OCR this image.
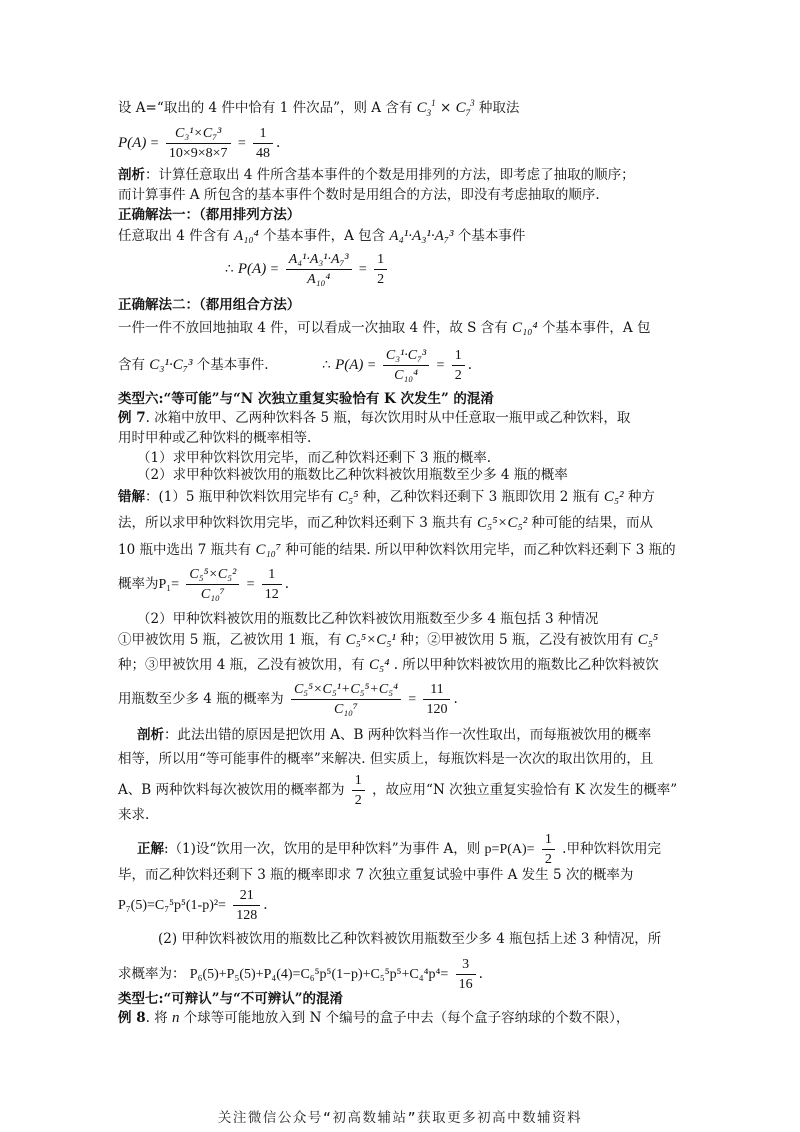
设 A=“取出的 4 件中恰有 1 件次品”，则 A 含有 $C_3^1 \times C_7^3$ 种取法
$P(A) = \frac{\text{C₃¹×C₇³}}{10\times 9\times 8\times 7} = \frac{1}{48}$ .
剖析：计算任意取出 4 件所含基本事件的个数是用排列的方法，即考虑了抽取的顺序；
而计算事件 A 所包含的基本事件个数时是用组合的方法，即没有考虑抽取的顺序.
正确解法一：（都用排列方法）
任意取出 4 件含有 A₁₀⁴ 个基本事件，A 包含 A₄¹·A₃¹·A₇³ 个基本事件
∴ $P(A) = \frac{\text{A₄¹·A₃¹·A₇³}}{\text{A₁₀⁴}} = \frac{1}{2}$
正确解法二：（都用组合方法）
一件一件不放回地抽取 4 件，可以看成一次抽取 4 件，故 S 含有 C₁₀⁴ 个基本事件，A 包
含有 C₃¹·C₇³ 个基本事件.	∴ $P(A) = \frac{\text{C₃¹·C₇³}}{\text{C₁₀⁴}} = \frac{1}{2}$ .
类型六:“等可能”与“N 次独立重复实验恰有 K 次发生” 的混淆
例 7. 冰箱中放甲、乙两种饮料各 5 瓶，每次饮用时从中任意取一瓶甲或乙种饮料，取
用时甲种或乙种饮料的概率相等.
（1）求甲种饮料饮用完毕，而乙种饮料还剩下 3 瓶的概率.
（2）求甲种饮料被饮用的瓶数比乙种饮料被饮用瓶数至少多 4 瓶的概率
错解：(1）5 瓶甲种饮料饮用完毕有 C₅⁵ 种，乙种饮料还剩下 3 瓶即饮用 2 瓶有 C₅² 种方
法，所以求甲种饮料饮用完毕，而乙种饮料还剩下 3 瓶共有 C₅⁵×C₅² 种可能的结果，而从
10 瓶中选出 7 瓶共有 C₁₀⁷ 种可能的结果. 所以甲种饮料饮用完毕，而乙种饮料还剩下 3 瓶的
概率为$P_1= \frac{\text{C₅⁵×C₅²}}{\text{C₁₀⁷}} = \frac{1}{12}$ .
（2）甲种饮料被饮用的瓶数比乙种饮料被饮用瓶数至少多 4 瓶包括 3 种情况
①甲被饮用 5 瓶，乙被饮用 1 瓶，有 C₅⁵×C₅¹ 种；②甲被饮用 5 瓶，乙没有被饮用有 C₅⁵
种；③甲被饮用 4 瓶，乙没有被饮用，有 C₅⁴ . 所以甲种饮料被饮用的瓶数比乙种饮料被饮
用瓶数至少多 4 瓶的概率为 $\frac{\text{C₅⁵×C₅¹+C₅⁵+C₅⁴}}{\text{C₁₀⁷}} = \frac{11}{120}$ .
剖析：此法出错的原因是把饮用 A、B 两种饮料当作一次性取出，而每瓶被饮用的概率
相等，所以用“等可能事件的概率”来解决. 但实质上，每瓶饮料是一次次的取出饮用的，且
A、B 两种饮料每次被饮用的概率都为 $\frac{1}{2}$ ，故应用“N 次独立重复实验恰有 K 次发生的概率”
来求.
正解:（1)设“饮用一次，饮用的是甲种饮料”为事件 A，则 $p=P(A)= \frac{1}{2}$ .甲种饮料饮用完
毕，而乙种饮料还剩下 3 瓶的概率即求 7 次独立重复试验中事件 A 发生 5 次的概率为
$P_7(5)=C_7^5p^5(1-p)^2= \frac{21}{128}$ .
(2) 甲种饮料被饮用的瓶数比乙种饮料被饮用瓶数至少多 4 瓶包括上述 3 种情况，所
求概率为： $P_6(5)+P_5(5)+P_4(4)=C_6^5p^5(1-p)+C_5^5p^5+C_4^4p^4= \frac{3}{16}$ .
类型七:“可辩认”与“不可辨认”的混淆
例 8. 将 n 个球等可能地放入到 N 个编号的盒子中去（每个盒子容纳球的个数不限），
关注微信公众号“初高数辅站”获取更多初高中数辅资料
